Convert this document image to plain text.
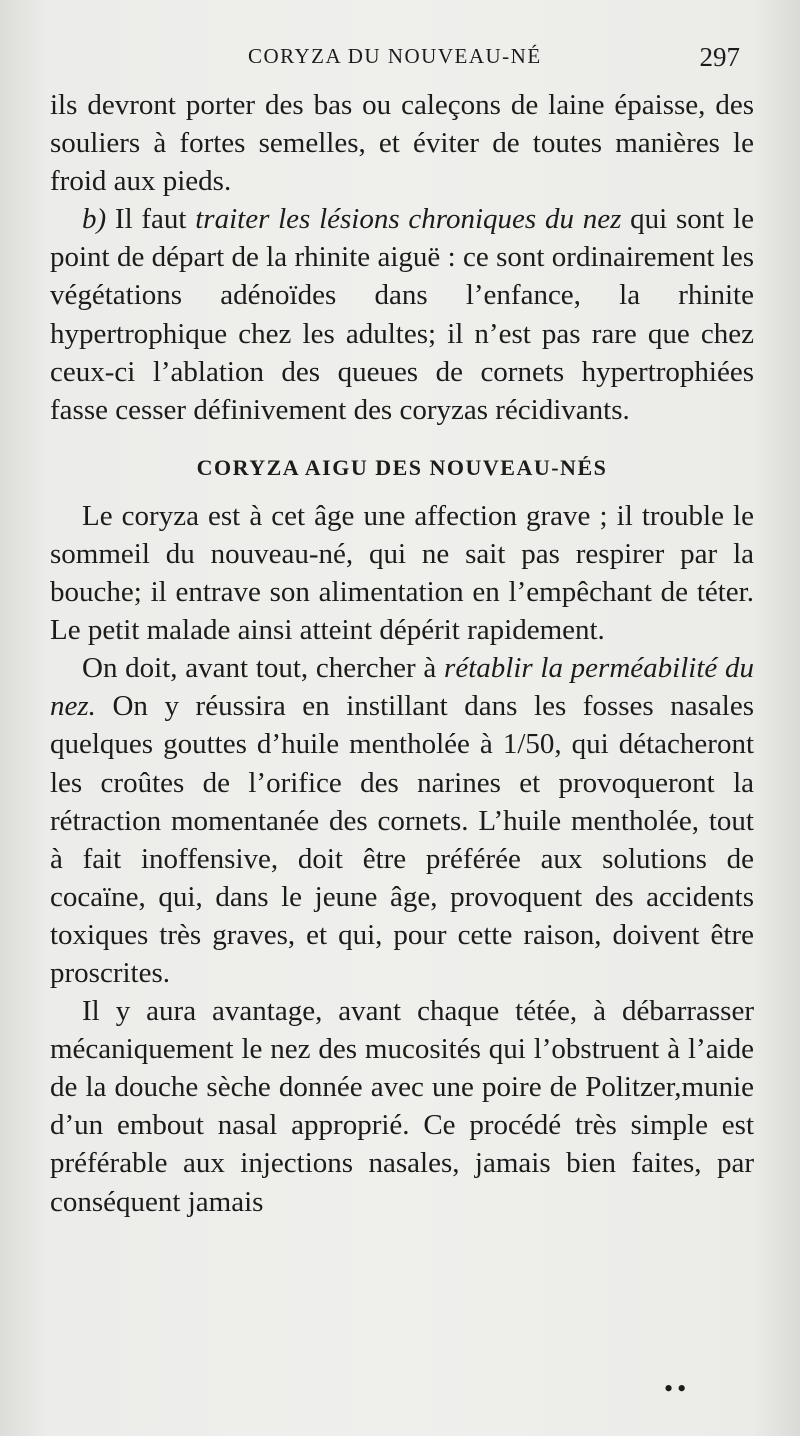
CORYZA DU NOUVEAU-NÉ	297

ils devront porter des bas ou caleçons de laine épaisse, des souliers à fortes semelles, et éviter de toutes manières le froid aux pieds.

b) Il faut traiter les lésions chroniques du nez qui sont le point de départ de la rhinite aiguë : ce sont ordinairement les végétations adénoïdes dans l’enfance, la rhinite hypertrophique chez les adultes; il n’est pas rare que chez ceux-ci l’ablation des queues de cornets hypertrophiées fasse cesser définivement des coryzas récidivants.

CORYZA AIGU DES NOUVEAU-NÉS

Le coryza est à cet âge une affection grave ; il trouble le sommeil du nouveau-né, qui ne sait pas respirer par la bouche; il entrave son alimentation en l’empêchant de téter. Le petit malade ainsi atteint dépérit rapidement.

On doit, avant tout, chercher à rétablir la perméabilité du nez. On y réussira en instillant dans les fosses nasales quelques gouttes d’huile mentholée à 1/50, qui détacheront les croûtes de l’orifice des narines et provoqueront la rétraction momentanée des cornets. L’huile mentholée, tout à fait inoffensive, doit être préférée aux solutions de cocaïne, qui, dans le jeune âge, provoquent des accidents toxiques très graves, et qui, pour cette raison, doivent être proscrites.

Il y aura avantage, avant chaque tétée, à débarrasser mécaniquement le nez des mucosités qui l’obstruent à l’aide de la douche sèche donnée avec une poire de Politzer,munie d’un embout nasal approprié. Ce procédé très simple est préférable aux injections nasales, jamais bien faites, par conséquent jamais

••
